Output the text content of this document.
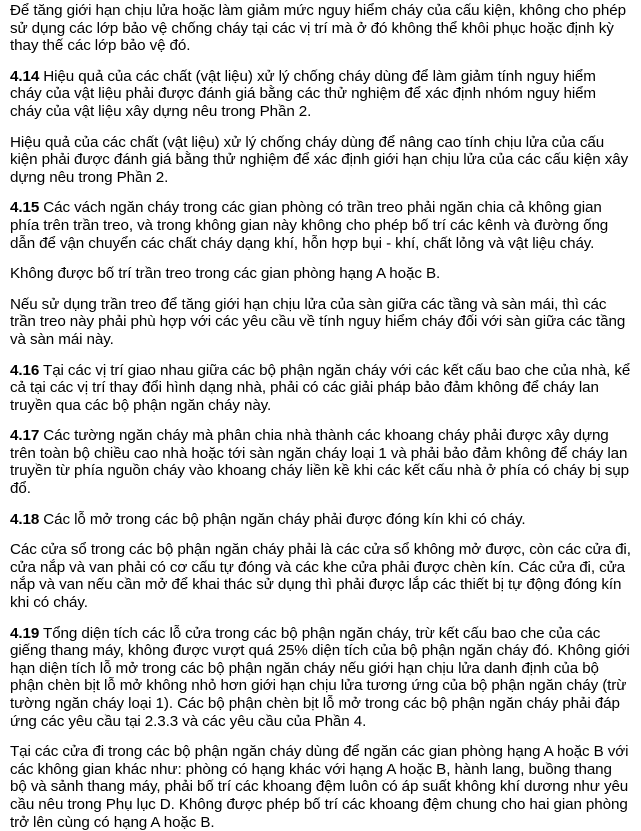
Để tăng giới hạn chịu lửa hoặc làm giảm mức nguy hiểm cháy của cấu kiện, không cho phép sử dụng các lớp bảo vệ chống cháy tại các vị trí mà ở đó không thể khôi phục hoặc định kỳ thay thế các lớp bảo vệ đó.

4.14 Hiệu quả của các chất (vật liệu) xử lý chống cháy dùng để làm giảm tính nguy hiểm cháy của vật liệu phải được đánh giá bằng các thử nghiệm để xác định nhóm nguy hiểm cháy của vật liệu xây dựng nêu trong Phần 2.

Hiệu quả của các chất (vật liệu) xử lý chống cháy dùng để nâng cao tính chịu lửa của cấu kiện phải được đánh giá bằng thử nghiệm để xác định giới hạn chịu lửa của các cấu kiện xây dựng nêu trong Phần 2.

4.15 Các vách ngăn cháy trong các gian phòng có trần treo phải ngăn chia cả không gian phía trên trần treo, và trong không gian này không cho phép bố trí các kênh và đường ống dẫn để vận chuyển các chất cháy dạng khí, hỗn hợp bụi - khí, chất lỏng và vật liệu cháy.

Không được bố trí trần treo trong các gian phòng hạng A hoặc B.

Nếu sử dụng trần treo để tăng giới hạn chịu lửa của sàn giữa các tầng và sàn mái, thì các trần treo này phải phù hợp với các yêu cầu về tính nguy hiểm cháy đối với sàn giữa các tầng và sàn mái này.

4.16 Tại các vị trí giao nhau giữa các bộ phận ngăn cháy với các kết cấu bao che của nhà, kể cả tại các vị trí thay đổi hình dạng nhà, phải có các giải pháp bảo đảm không để cháy lan truyền qua các bộ phận ngăn cháy này.

4.17 Các tường ngăn cháy mà phân chia nhà thành các khoang cháy phải được xây dựng trên toàn bộ chiều cao nhà hoặc tới sàn ngăn cháy loại 1 và phải bảo đảm không để cháy lan truyền từ phía nguồn cháy vào khoang cháy liền kề khi các kết cấu nhà ở phía có cháy bị sụp đổ.

4.18 Các lỗ mở trong các bộ phận ngăn cháy phải được đóng kín khi có cháy.

Các cửa sổ trong các bộ phận ngăn cháy phải là các cửa sổ không mở được, còn các cửa đi, cửa nắp và van phải có cơ cấu tự đóng và các khe cửa phải được chèn kín. Các cửa đi, cửa nắp và van nếu cần mở để khai thác sử dụng thì phải được lắp các thiết bị tự động đóng kín khi có cháy.

4.19 Tổng diện tích các lỗ cửa trong các bộ phận ngăn cháy, trừ kết cấu bao che của các giếng thang máy, không được vượt quá 25% diện tích của bộ phận ngăn cháy đó. Không giới hạn diện tích lỗ mở trong các bộ phận ngăn cháy nếu giới hạn chịu lửa danh định của bộ phận chèn bịt lỗ mở không nhỏ hơn giới hạn chịu lửa tương ứng của bộ phận ngăn cháy (trừ tường ngăn cháy loại 1). Các bộ phận chèn bịt lỗ mở trong các bộ phận ngăn cháy phải đáp ứng các yêu cầu tại 2.3.3 và các yêu cầu của Phần 4.

Tại các cửa đi trong các bộ phận ngăn cháy dùng để ngăn các gian phòng hạng A hoặc B với các không gian khác như: phòng có hạng khác với hạng A hoặc B, hành lang, buồng thang bộ và sảnh thang máy, phải bố trí các khoang đệm luôn có áp suất không khí dương như yêu cầu nêu trong Phụ lục D. Không được phép bố trí các khoang đệm chung cho hai gian phòng trở lên cùng có hạng A hoặc B.
